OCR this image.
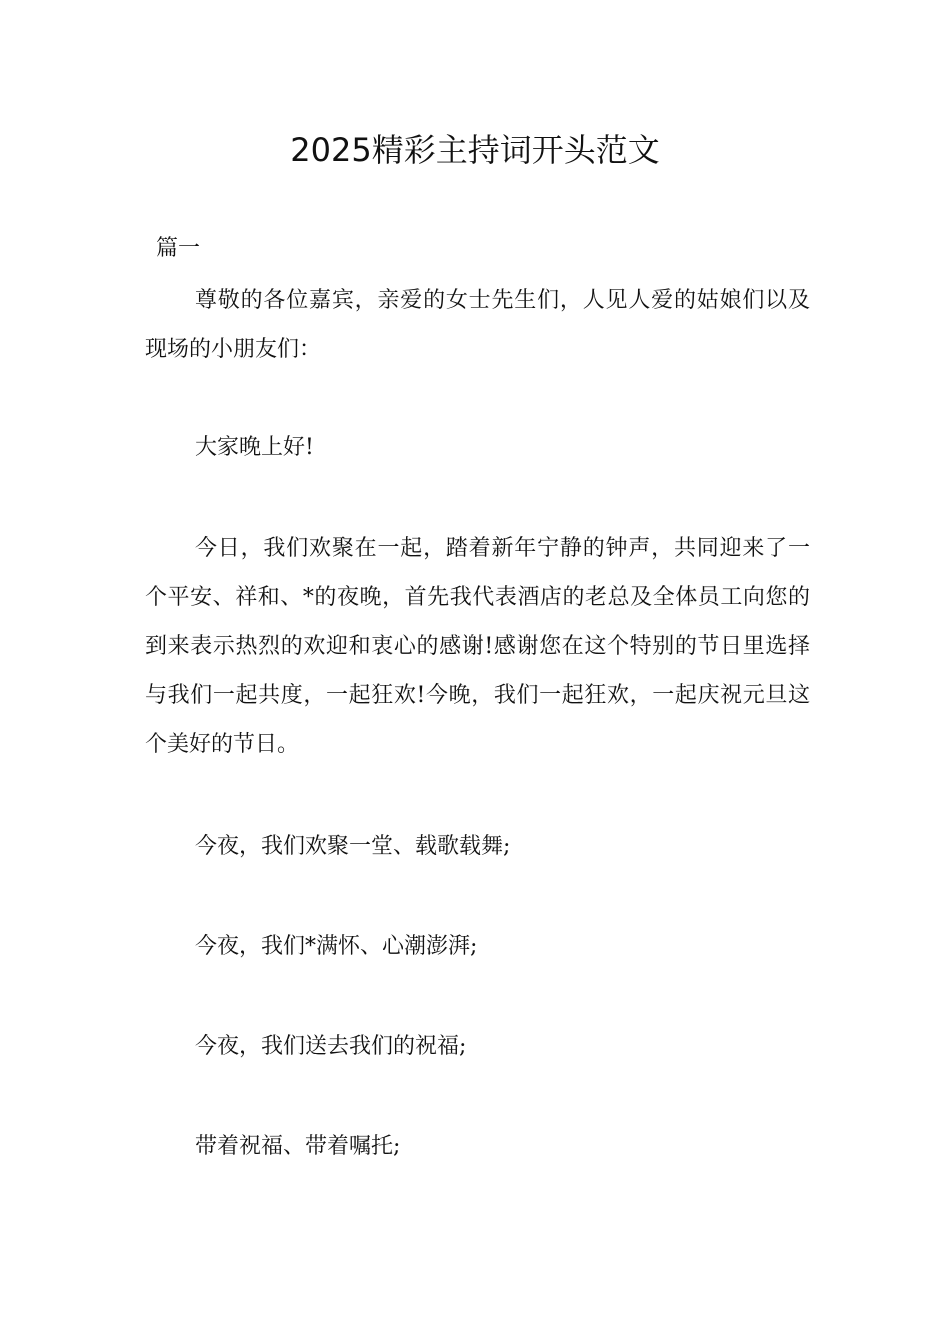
2025精彩主持词开头范文
篇一

尊敬的各位嘉宾，亲爱的女士先生们，人见人爱的姑娘们以及现场的小朋友们：

大家晚上好!

今日，我们欢聚在一起，踏着新年宁静的钟声，共同迎来了一个平安、祥和、*的夜晚，首先我代表酒店的老总及全体员工向您的到来表示热烈的欢迎和衷心的感谢!感谢您在这个特别的节日里选择与我们一起共度，一起狂欢!今晚，我们一起狂欢，一起庆祝元旦这个美好的节日。

今夜，我们欢聚一堂、载歌载舞;
今夜，我们*满怀、心潮澎湃;
今夜，我们送去我们的祝福;
带着祝福、带着嘱托;
